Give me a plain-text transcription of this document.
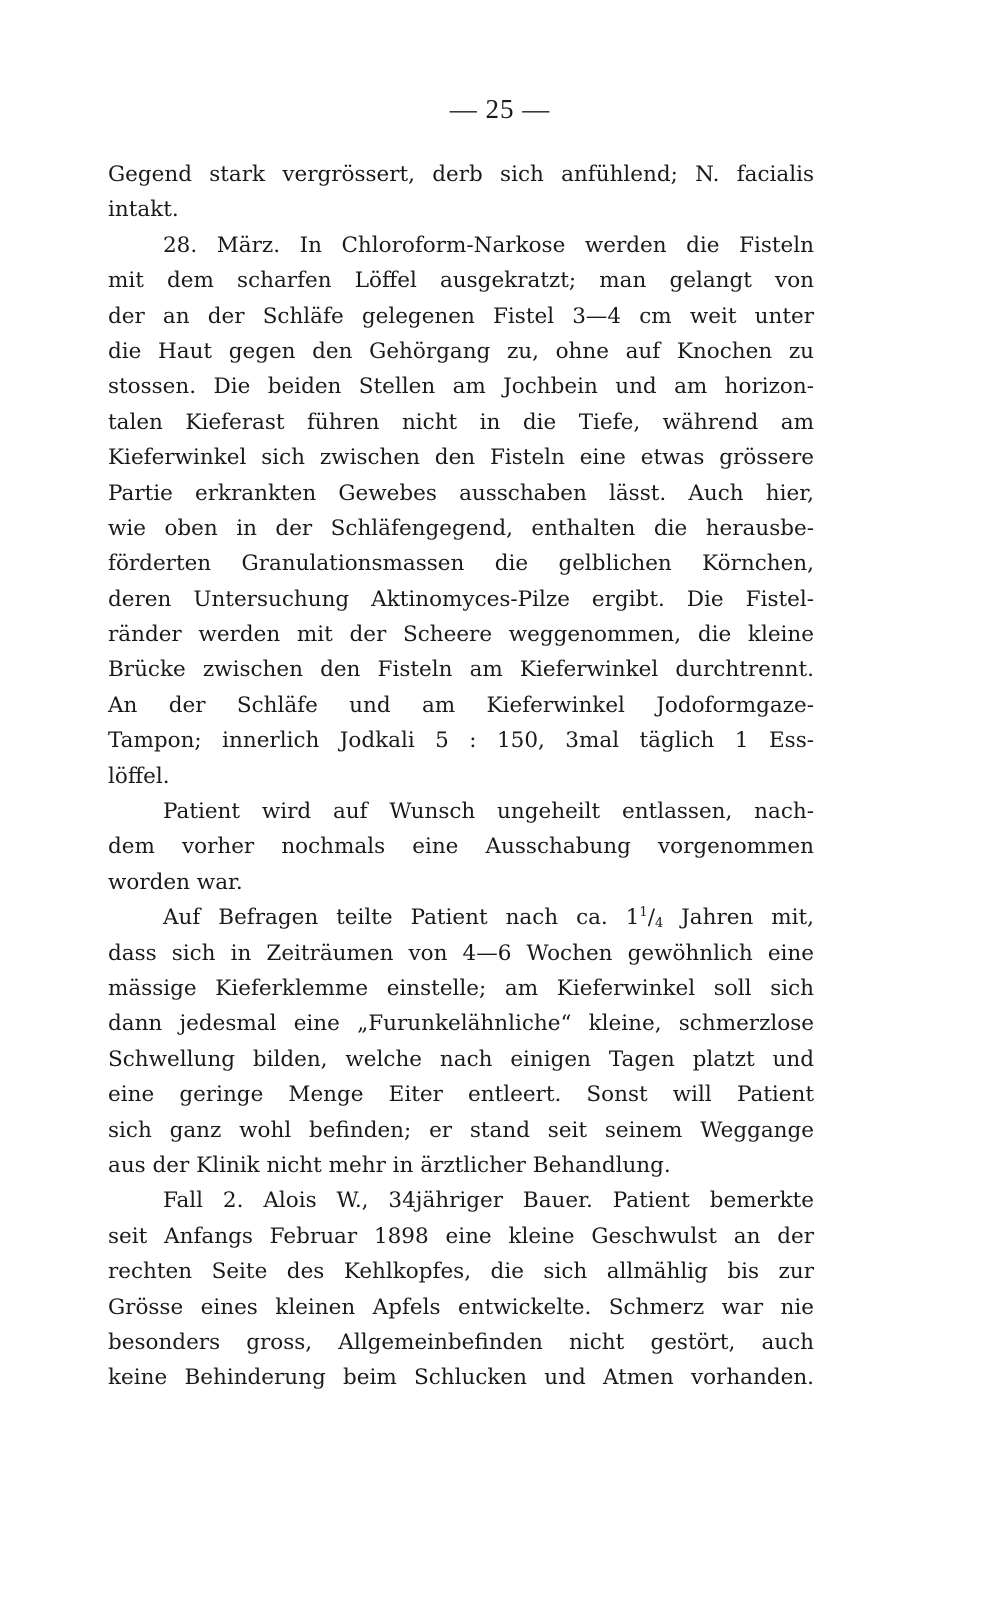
— 25 —
Gegend stark vergrössert, derb sich anfühlend; N. facialis
intakt.
28. März. In Chloroform-Narkose werden die Fisteln
mit dem scharfen Löffel ausgekratzt; man gelangt von
der an der Schläfe gelegenen Fistel 3—4 cm weit unter
die Haut gegen den Gehörgang zu, ohne auf Knochen zu
stossen. Die beiden Stellen am Jochbein und am horizon-
talen Kieferast führen nicht in die Tiefe, während am
Kieferwinkel sich zwischen den Fisteln eine etwas grössere
Partie erkrankten Gewebes ausschaben lässt. Auch hier,
wie oben in der Schläfengegend, enthalten die herausbe-
förderten Granulationsmassen die gelblichen Körnchen,
deren Untersuchung Aktinomyces-Pilze ergibt. Die Fistel-
ränder werden mit der Scheere weggenommen, die kleine
Brücke zwischen den Fisteln am Kieferwinkel durchtrennt.
An der Schläfe und am Kieferwinkel Jodoformgaze-
Tampon; innerlich Jodkali 5 : 150, 3mal täglich 1 Ess-
löffel.
Patient wird auf Wunsch ungeheilt entlassen, nach-
dem vorher nochmals eine Ausschabung vorgenommen
worden war.
Auf Befragen teilte Patient nach ca. $1^1/_4$ Jahren mit,
dass sich in Zeiträumen von 4—6 Wochen gewöhnlich eine
mässige Kieferklemme einstelle; am Kieferwinkel soll sich
dann jedesmal eine „Furunkelähnliche“ kleine, schmerzlose
Schwellung bilden, welche nach einigen Tagen platzt und
eine geringe Menge Eiter entleert. Sonst will Patient
sich ganz wohl befinden; er stand seit seinem Weggange
aus der Klinik nicht mehr in ärztlicher Behandlung.
Fall 2. Alois W., 34jähriger Bauer. Patient bemerkte
seit Anfangs Februar 1898 eine kleine Geschwulst an der
rechten Seite des Kehlkopfes, die sich allmählig bis zur
Grösse eines kleinen Apfels entwickelte. Schmerz war nie
besonders gross, Allgemeinbefinden nicht gestört, auch
keine Behinderung beim Schlucken und Atmen vorhanden.
